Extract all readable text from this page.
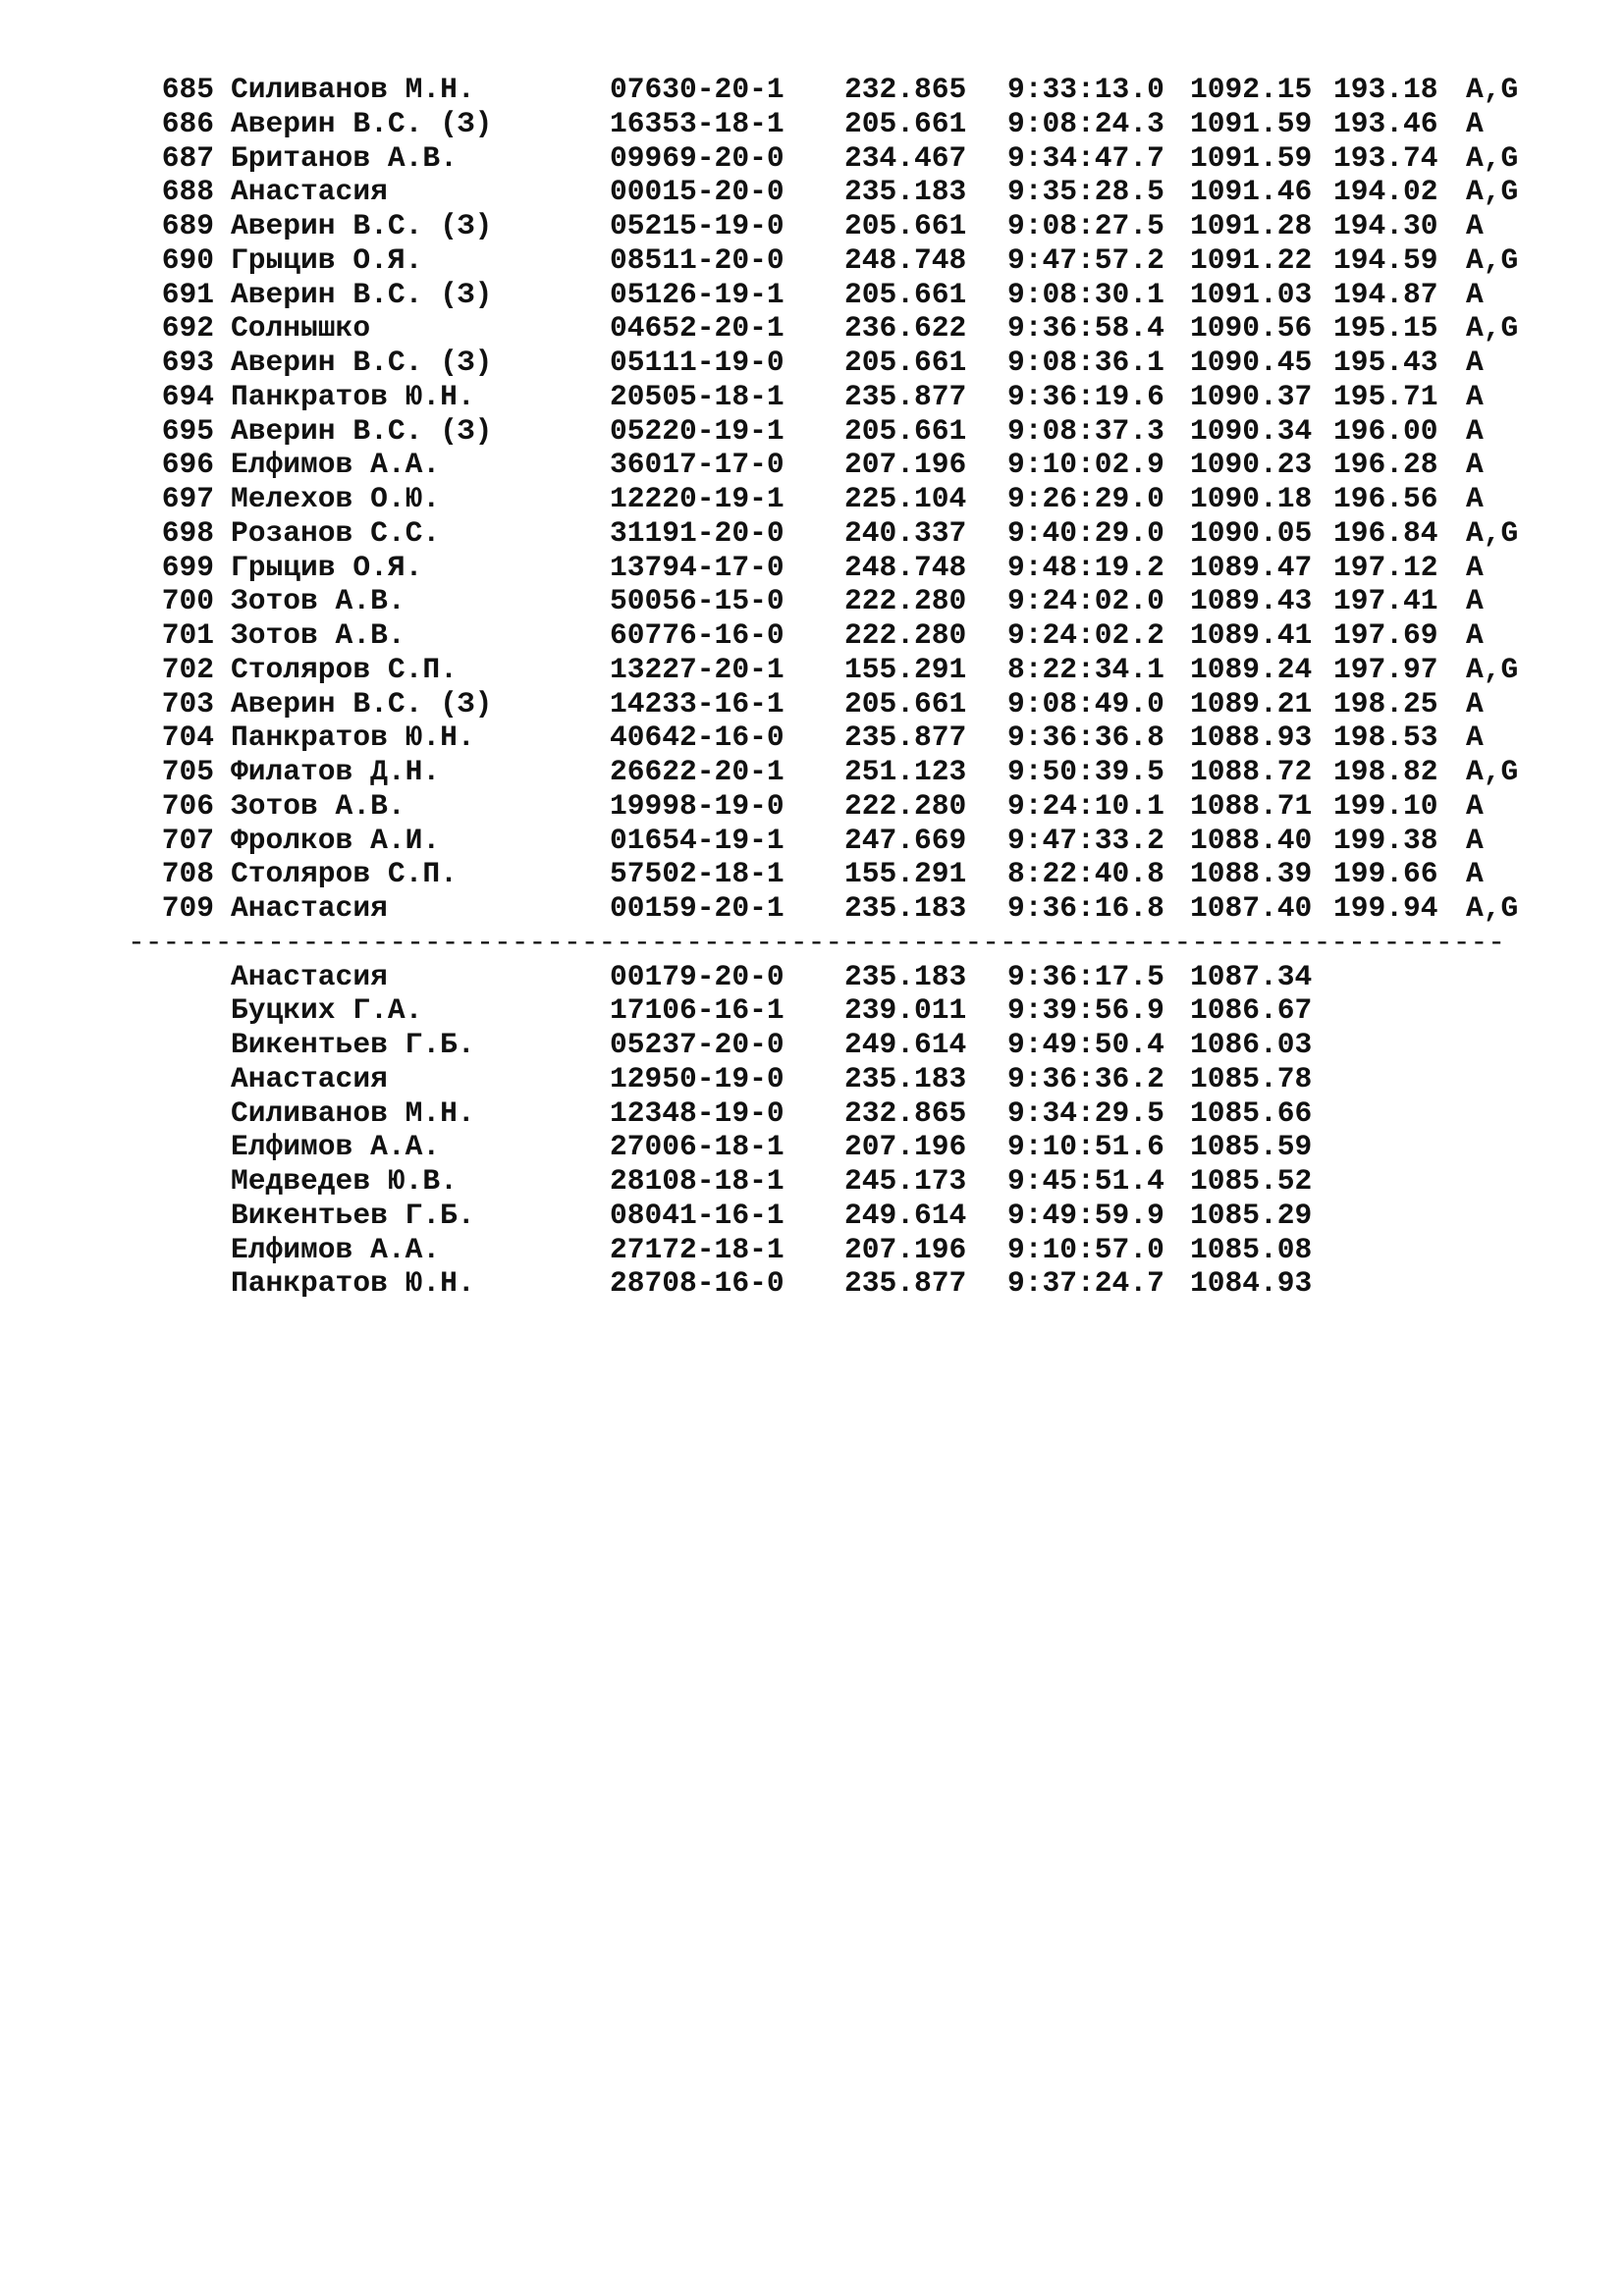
685 Силиванов М.Н.	07630-20-1 232.865 9:33:13.0 1092.15 193.18 A,G
686 Аверин В.С. (З)	16353-18-1 205.661 9:08:24.3 1091.59 193.46 A
687 Британов А.В.	09969-20-0 234.467 9:34:47.7 1091.59 193.74 A,G
688 Анастасия	00015-20-0 235.183 9:35:28.5 1091.46 194.02 A,G
689 Аверин В.С. (З)	05215-19-0 205.661 9:08:27.5 1091.28 194.30 A
690 Грыцив О.Я.	08511-20-0 248.748 9:47:57.2 1091.22 194.59 A,G
691 Аверин В.С. (З)	05126-19-1 205.661 9:08:30.1 1091.03 194.87 A
692 Солнышко	04652-20-1 236.622 9:36:58.4 1090.56 195.15 A,G
693 Аверин В.С. (З)	05111-19-0 205.661 9:08:36.1 1090.45 195.43 A
694 Панкратов Ю.Н.	20505-18-1 235.877 9:36:19.6 1090.37 195.71 A
695 Аверин В.С. (З)	05220-19-1 205.661 9:08:37.3 1090.34 196.00 A
696 Елфимов А.А.	36017-17-0 207.196 9:10:02.9 1090.23 196.28 A
697 Мелехов О.Ю.	12220-19-1 225.104 9:26:29.0 1090.18 196.56 A
698 Розанов С.С.	31191-20-0 240.337 9:40:29.0 1090.05 196.84 A,G
699 Грыцив О.Я.	13794-17-0 248.748 9:48:19.2 1089.47 197.12 A
700 Зотов А.В.	50056-15-0 222.280 9:24:02.0 1089.43 197.41 A
701 Зотов А.В.	60776-16-0 222.280 9:24:02.2 1089.41 197.69 A
702 Столяров С.П.	13227-20-1 155.291 8:22:34.1 1089.24 197.97 A,G
703 Аверин В.С. (З)	14233-16-1 205.661 9:08:49.0 1089.21 198.25 A
704 Панкратов Ю.Н.	40642-16-0 235.877 9:36:36.8 1088.93 198.53 A
705 Филатов Д.Н.	26622-20-1 251.123 9:50:39.5 1088.72 198.82 A,G
706 Зотов А.В.	19998-19-0 222.280 9:24:10.1 1088.71 199.10 A
707 Фролков А.И.	01654-19-1 247.669 9:47:33.2 1088.40 199.38 A
708 Столяров С.П.	57502-18-1 155.291 8:22:40.8 1088.39 199.66 A
709 Анастасия	00159-20-1 235.183 9:36:16.8 1087.40 199.94 A,G
-------------------------------------------------------------------------------
Анастасия	00179-20-0 235.183 9:36:17.5 1087.34
Буцких Г.А.	17106-16-1 239.011 9:39:56.9 1086.67
Викентьев Г.Б.	05237-20-0 249.614 9:49:50.4 1086.03
Анастасия	12950-19-0 235.183 9:36:36.2 1085.78
Силиванов М.Н.	12348-19-0 232.865 9:34:29.5 1085.66
Елфимов А.А.	27006-18-1 207.196 9:10:51.6 1085.59
Медведев Ю.В.	28108-18-1 245.173 9:45:51.4 1085.52
Викентьев Г.Б.	08041-16-1 249.614 9:49:59.9 1085.29
Елфимов А.А.	27172-18-1 207.196 9:10:57.0 1085.08
Панкратов Ю.Н.	28708-16-0 235.877 9:37:24.7 1084.93
